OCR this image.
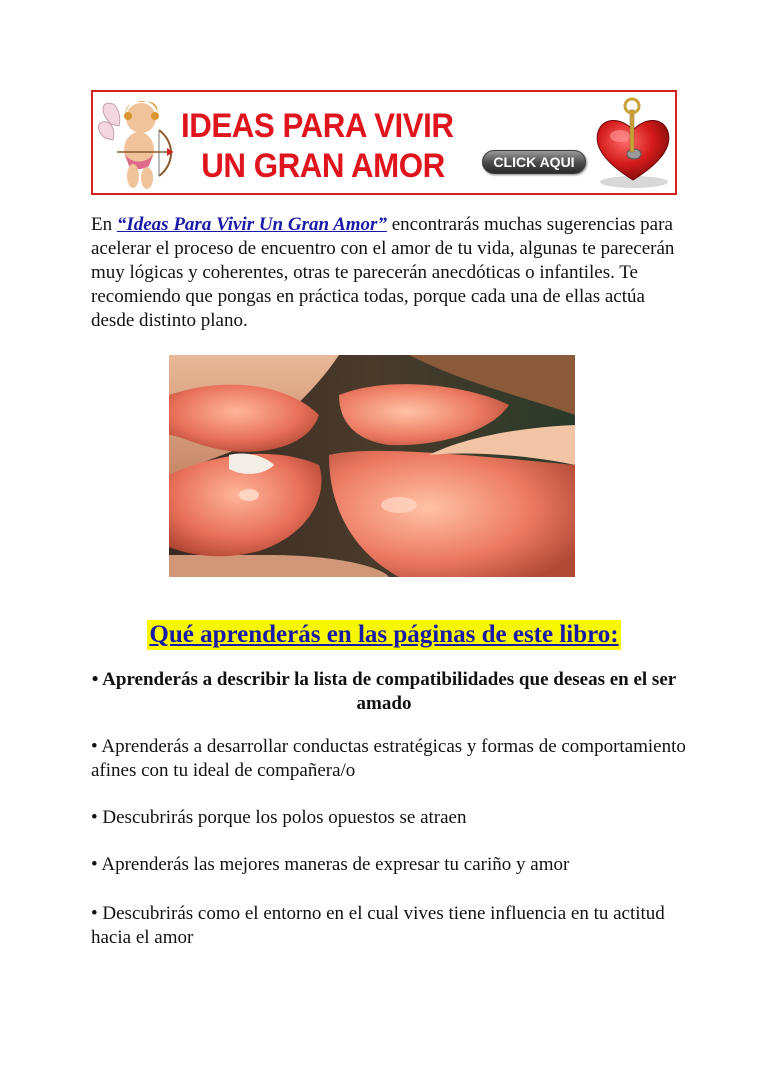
IDEAS PARA VIVIR
UN GRAN AMOR	CLICK AQUI

En “Ideas Para Vivir Un Gran Amor” encontrarás muchas sugerencias para acelerar el proceso de encuentro con el amor de tu vida, algunas te parecerán muy lógicas y coherentes, otras te parecerán anecdóticas o infantiles. Te recomiendo que pongas en práctica todas, porque cada una de ellas actúa desde distinto plano.

Qué aprenderás en las páginas de este libro:

• Aprenderás a describir la lista de compatibilidades que deseas en el ser amado

• Aprenderás a desarrollar conductas estratégicas y formas de comportamiento afines con tu ideal de compañera/o

• Descubrirás porque los polos opuestos se atraen

• Aprenderás las mejores maneras de expresar tu cariño y amor

• Descubrirás como el entorno en el cual vives tiene influencia en tu actitud hacia el amor
